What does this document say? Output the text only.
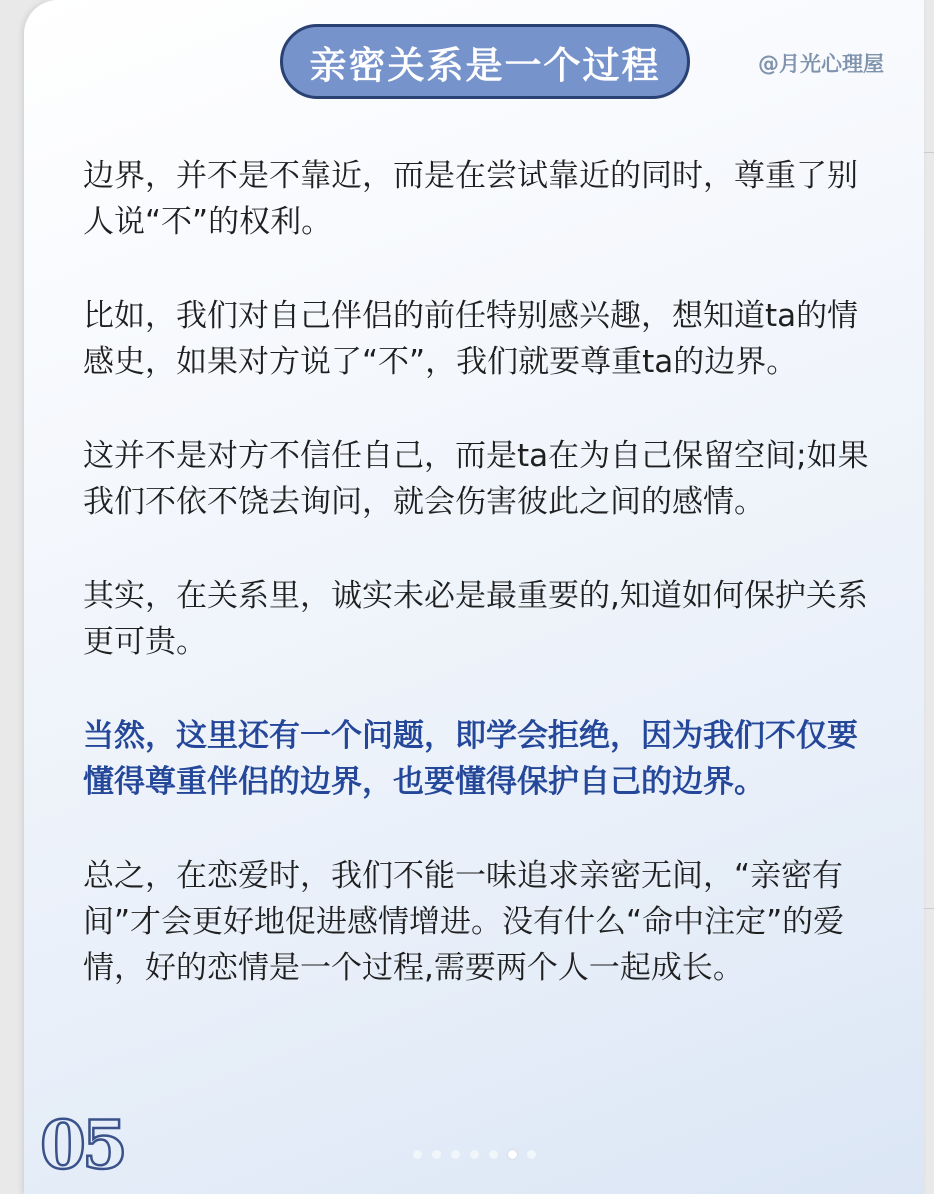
亲密关系是一个过程	@月光心理屋

边界，并不是不靠近，而是在尝试靠近的同时，尊重了别人说“不”的权利。

比如，我们对自己伴侣的前任特别感兴趣，想知道ta的情感史，如果对方说了“不”，我们就要尊重ta的边界。

这并不是对方不信任自己，而是ta在为自己保留空间;如果我们不依不饶去询问，就会伤害彼此之间的感情。

其实，在关系里，诚实未必是最重要的,知道如何保护关系更可贵。

当然，这里还有一个问题，即学会拒绝，因为我们不仅要懂得尊重伴侣的边界，也要懂得保护自己的边界。

总之，在恋爱时，我们不能一味追求亲密无间，“亲密有间”才会更好地促进感情增进。没有什么“命中注定”的爱情，好的恋情是一个过程,需要两个人一起成长。

05
